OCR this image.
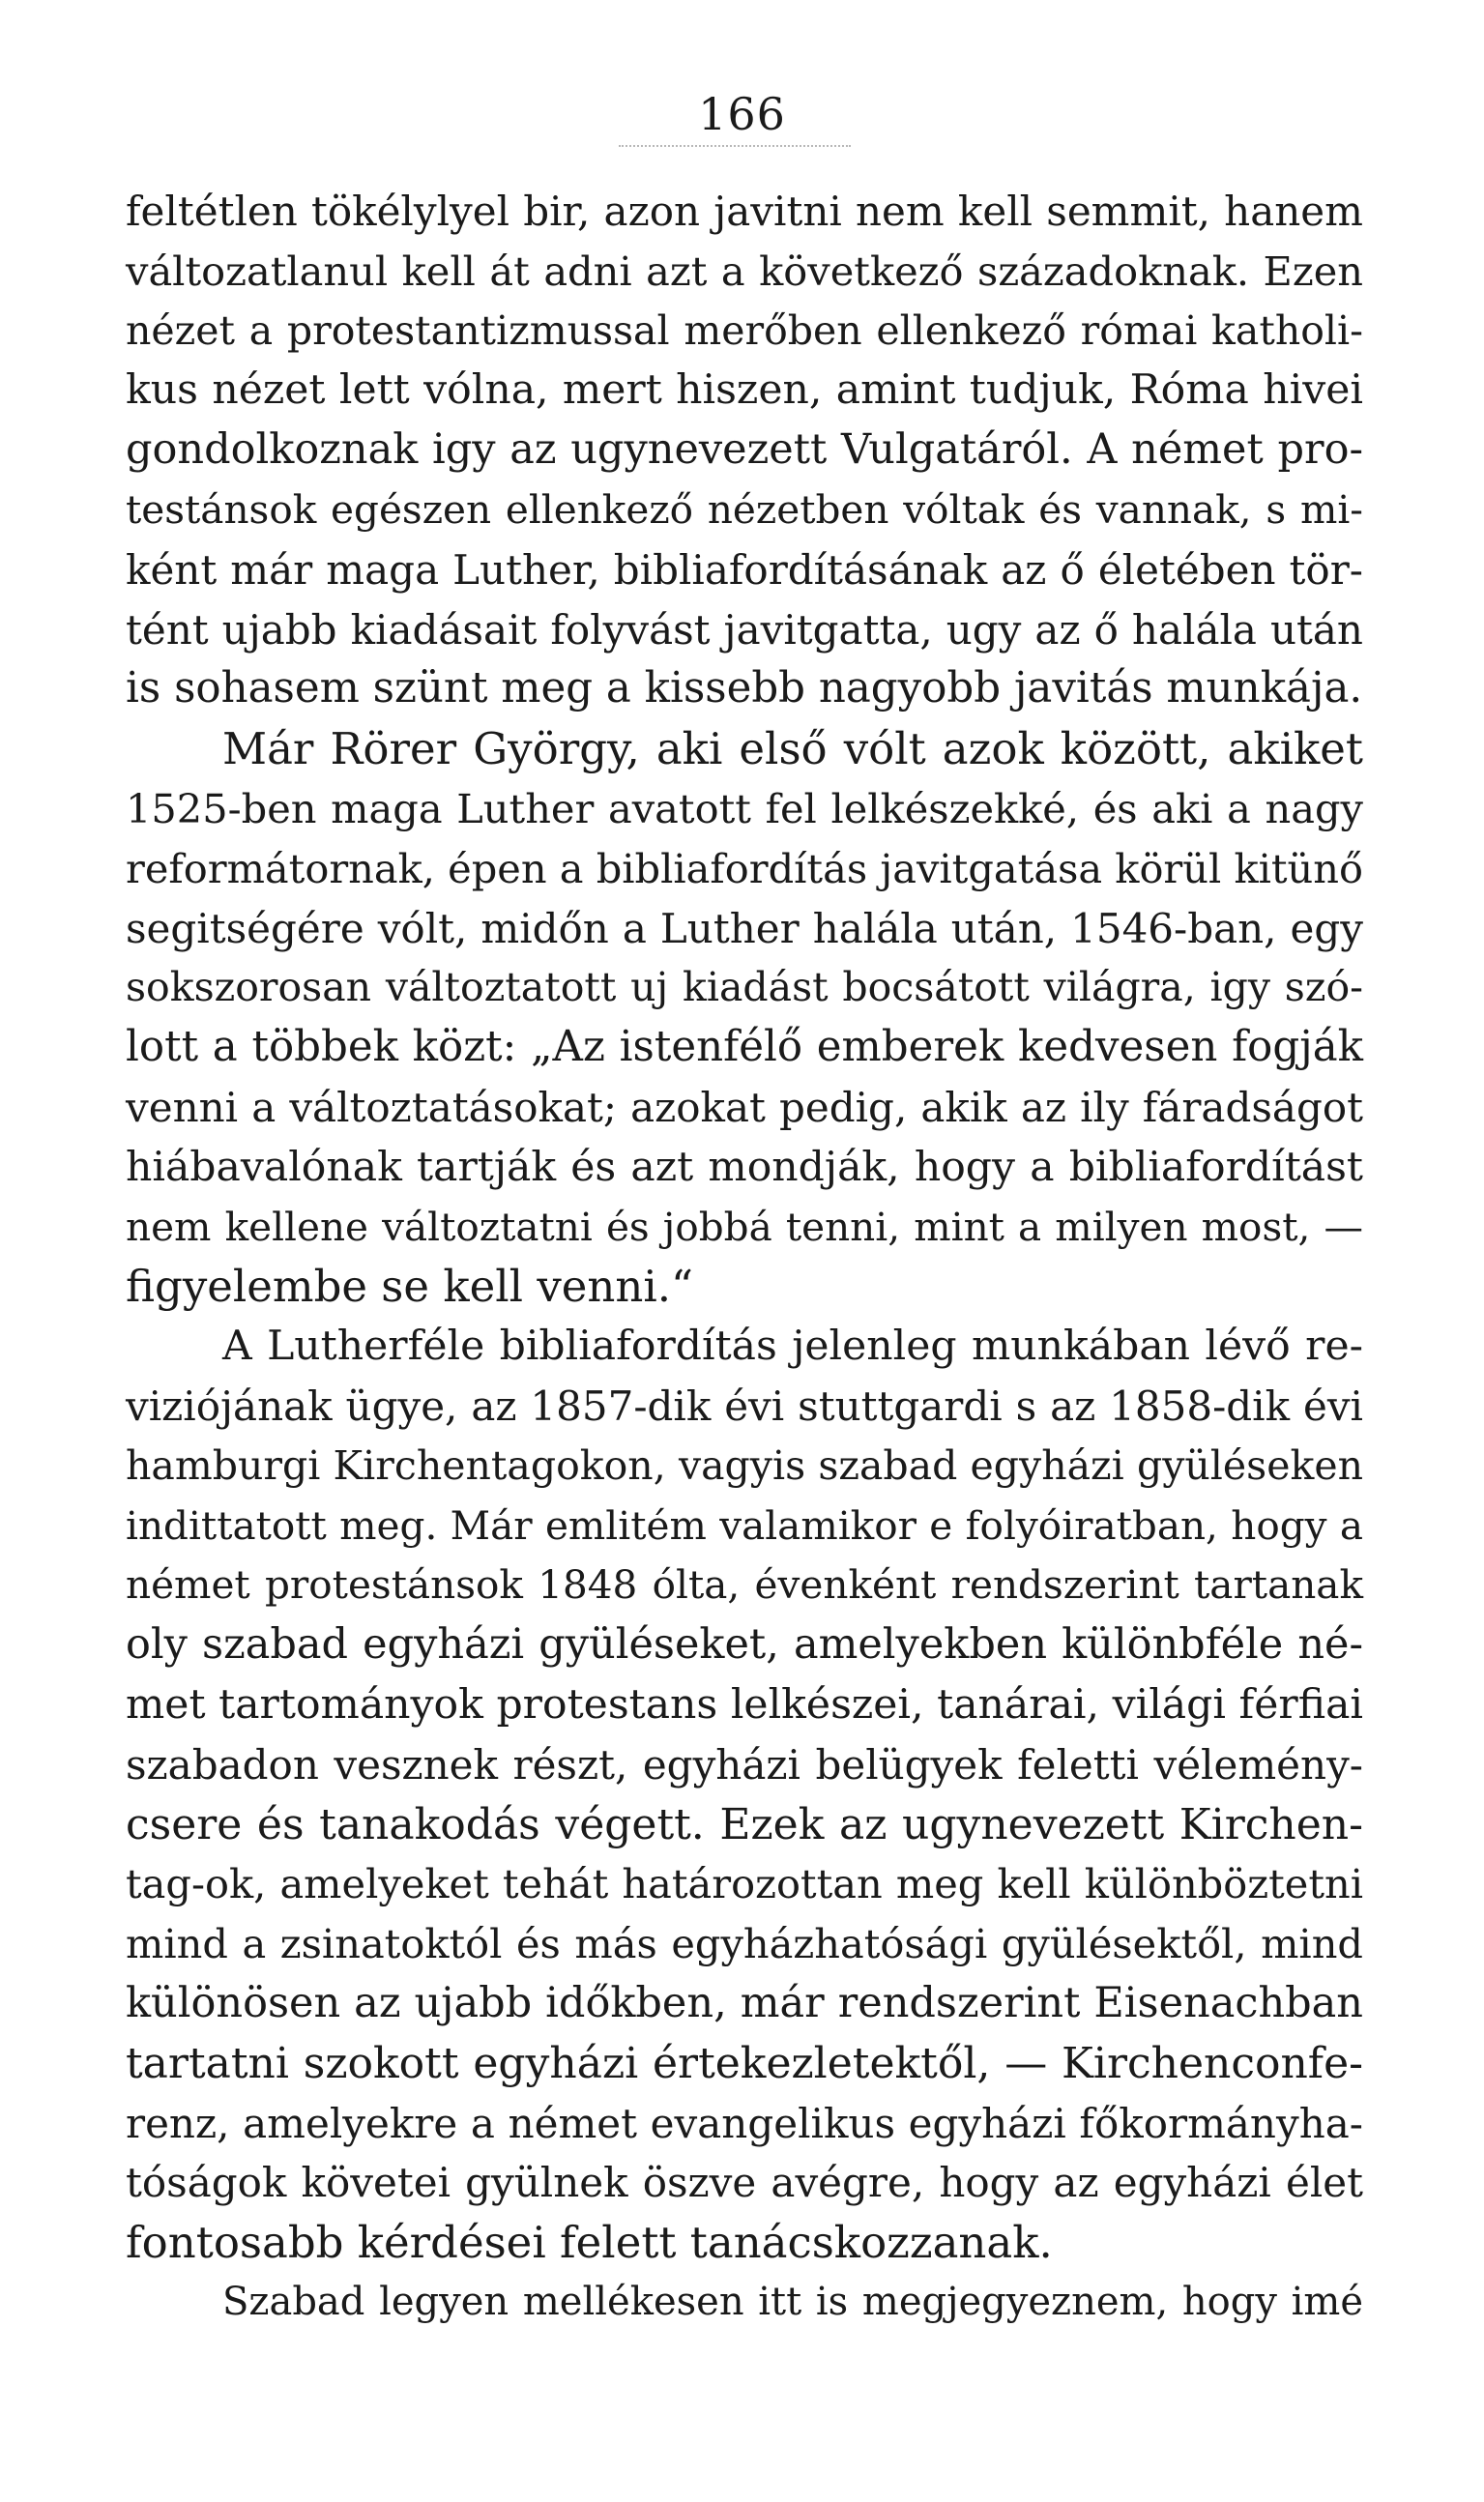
166
feltétlen tökélylyel bir, azon javitni nem kell semmit, hanem
változatlanul kell át adni azt a következő századoknak. Ezen
nézet a protestantizmussal merőben ellenkező római katholi-
kus nézet lett vólna, mert hiszen, amint tudjuk, Róma hivei
gondolkoznak igy az ugynevezett Vulgatáról. A német pro-
testánsok egészen ellenkező nézetben vóltak és vannak, s mi-
ként már maga Luther, bibliafordításának az ő életében tör-
tént ujabb kiadásait folyvást javitgatta, ugy az ő halála után
is sohasem szünt meg a kissebb nagyobb javitás munkája.
Már Rörer György, aki első vólt azok között, akiket
1525-ben maga Luther avatott fel lelkészekké, és aki a nagy
reformátornak, épen a bibliafordítás javitgatása körül kitünő
segitségére vólt, midőn a Luther halála után, 1546-ban, egy
sokszorosan változtatott uj kiadást bocsátott világra, igy szó-
lott a többek közt: „Az istenfélő emberek kedvesen fogják
venni a változtatásokat; azokat pedig, akik az ily fáradságot
hiábavalónak tartják és azt mondják, hogy a bibliafordítást
nem kellene változtatni és jobbá tenni, mint a milyen most, —
figyelembe se kell venni.“
A Lutherféle bibliafordítás jelenleg munkában lévő re-
viziójának ügye, az 1857-dik évi stuttgardi s az 1858-dik évi
hamburgi Kirchentagokon, vagyis szabad egyházi gyüléseken
indittatott meg. Már emlitém valamikor e folyóiratban, hogy a
német protestánsok 1848 ólta, évenként rendszerint tartanak
oly szabad egyházi gyüléseket, amelyekben különbféle né-
met tartományok protestans lelkészei, tanárai, világi férfiai
szabadon vesznek részt, egyházi belügyek feletti vélemény-
csere és tanakodás végett. Ezek az ugynevezett Kirchen-
tag-ok, amelyeket tehát határozottan meg kell különböztetni
mind a zsinatoktól és más egyházhatósági gyülésektől, mind
különösen az ujabb időkben, már rendszerint Eisenachban
tartatni szokott egyházi értekezletektől, — Kirchenconfe-
renz, amelyekre a német evangelikus egyházi főkormányha-
tóságok követei gyülnek öszve avégre, hogy az egyházi élet
fontosabb kérdései felett tanácskozzanak.
Szabad legyen mellékesen itt is megjegyeznem, hogy imé
